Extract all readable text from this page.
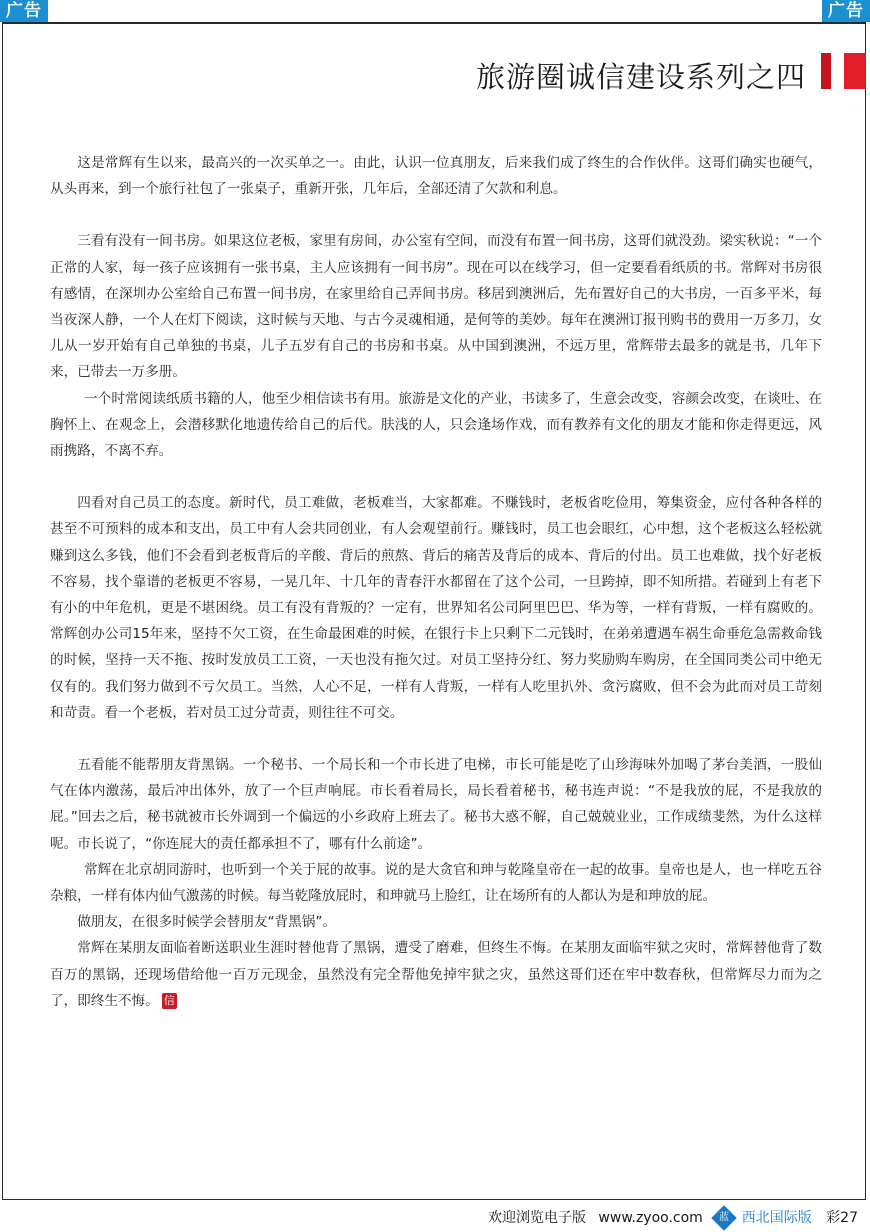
广告	广告
旅游圈诚信建设系列之四

这是常辉有生以来，最高兴的一次买单之一。由此，认识一位真朋友，后来我们成了终生的合作伙伴。这哥们确实也硬气，从头再来，到一个旅行社包了一张桌子，重新开张，几年后，全部还清了欠款和利息。

三看有没有一间书房。如果这位老板，家里有房间，办公室有空间，而没有布置一间书房，这哥们就没劲。梁实秋说：“一个正常的人家，每一孩子应该拥有一张书桌，主人应该拥有一间书房”。现在可以在线学习，但一定要看看纸质的书。常辉对书房很有感情，在深圳办公室给自己布置一间书房，在家里给自己弄间书房。移居到澳洲后，先布置好自己的大书房，一百多平米，每当夜深人静，一个人在灯下阅读，这时候与天地、与古今灵魂相通，是何等的美妙。每年在澳洲订报刊购书的费用一万多刀，女儿从一岁开始有自己单独的书桌，儿子五岁有自己的书房和书桌。从中国到澳洲，不远万里，常辉带去最多的就是书，几年下来，已带去一万多册。

一个时常阅读纸质书籍的人，他至少相信读书有用。旅游是文化的产业，书读多了，生意会改变，容颜会改变，在谈吐、在胸怀上、在观念上，会潜移默化地遗传给自己的后代。肤浅的人，只会逢场作戏，而有教养有文化的朋友才能和你走得更远，风雨携路，不离不弃。

四看对自己员工的态度。新时代，员工难做，老板难当，大家都难。不赚钱时，老板省吃俭用，筹集资金，应付各种各样的甚至不可预料的成本和支出，员工中有人会共同创业，有人会观望前行。赚钱时，员工也会眼红，心中想，这个老板这么轻松就赚到这么多钱，他们不会看到老板背后的辛酸、背后的煎熬、背后的痛苦及背后的成本、背后的付出。员工也难做，找个好老板不容易，找个靠谱的老板更不容易，一晃几年、十几年的青春汗水都留在了这个公司，一旦跨掉，即不知所措。若碰到上有老下有小的中年危机，更是不堪困绕。员工有没有背叛的？一定有，世界知名公司阿里巴巴、华为等，一样有背叛，一样有腐败的。常辉创办公司15年来，坚持不欠工资，在生命最困难的时候，在银行卡上只剩下二元钱时，在弟弟遭遇车祸生命垂危急需救命钱的时候，坚持一天不拖、按时发放员工工资，一天也没有拖欠过。对员工坚持分红、努力奖励购车购房，在全国同类公司中绝无仅有的。我们努力做到不亏欠员工。当然，人心不足，一样有人背叛，一样有人吃里扒外、贪污腐败，但不会为此而对员工苛刻和苛责。看一个老板，若对员工过分苛责，则往往不可交。

五看能不能帮朋友背黑锅。一个秘书、一个局长和一个市长进了电梯，市长可能是吃了山珍海味外加喝了茅台美酒，一股仙气在体内激荡，最后冲出体外，放了一个巨声响屁。市长看着局长，局长看着秘书，秘书连声说：“不是我放的屁，不是我放的屁。”回去之后，秘书就被市长外调到一个偏远的小乡政府上班去了。秘书大惑不解，自己兢兢业业，工作成绩斐然，为什么这样呢。市长说了，“你连屁大的责任都承担不了，哪有什么前途”。

常辉在北京胡同游时，也听到一个关于屁的故事。说的是大贪官和珅与乾隆皇帝在一起的故事。皇帝也是人，也一样吃五谷杂粮，一样有体内仙气激荡的时候。每当乾隆放屁时，和珅就马上脸红，让在场所有的人都认为是和珅放的屁。

做朋友，在很多时候学会替朋友“背黑锅”。

常辉在某朋友面临着断送职业生涯时替他背了黑锅，遭受了磨难，但终生不悔。在某朋友面临牢狱之灾时，常辉替他背了数百万的黑锅，还现场借给他一百万元现金，虽然没有完全帮他免掉牢狱之灾，虽然这哥们还在牢中数春秋，但常辉尽力而为之了，即终生不悔。 信

欢迎浏览电子版 www.zyoo.com 蓝 西北国际版 彩27
